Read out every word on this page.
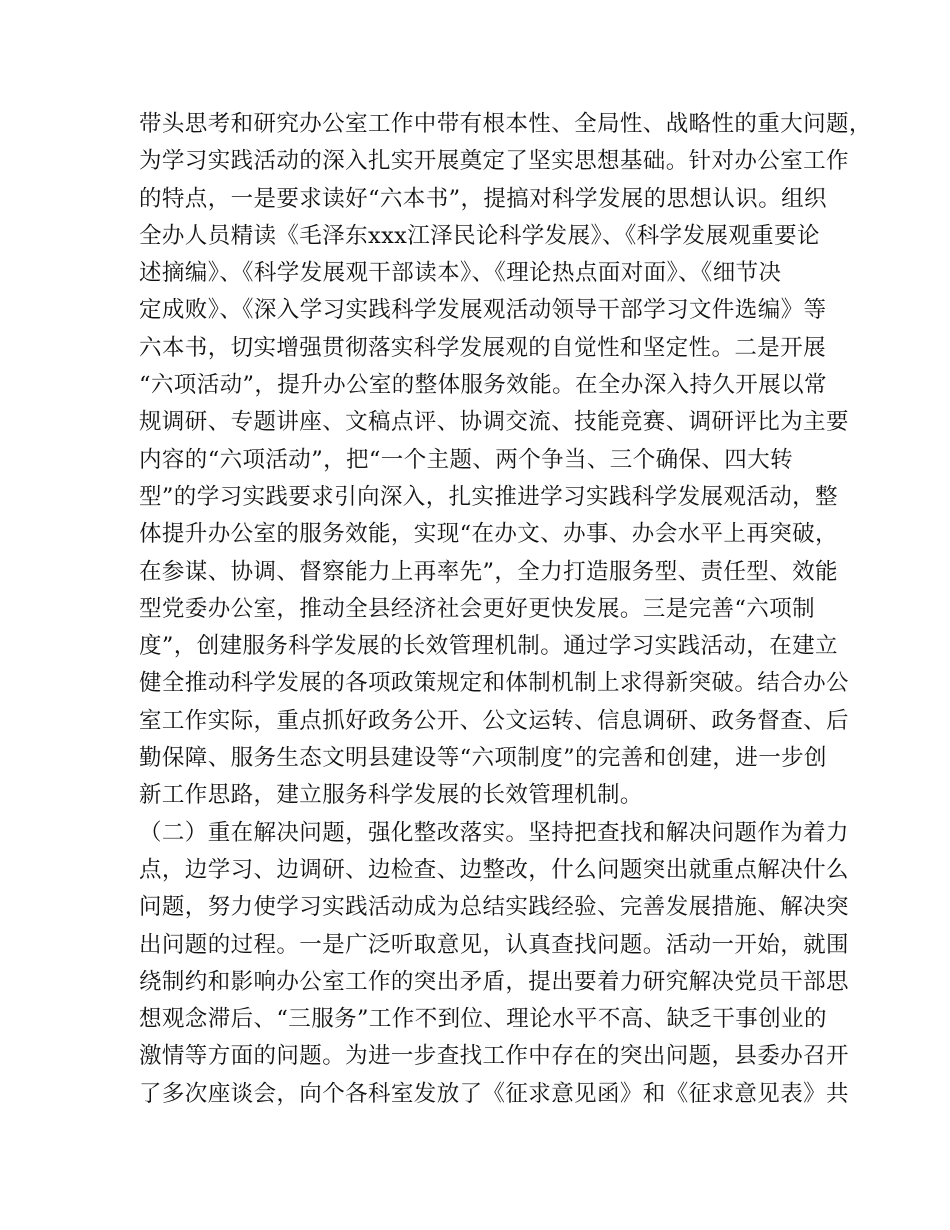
带头思考和研究办公室工作中带有根本性、全局性、战略性的重大问题，
为学习实践活动的深入扎实开展奠定了坚实思想基础。针对办公室工作
的特点，一是要求读好“六本书”，提搞对科学发展的思想认识。组织
全办人员精读《毛泽东xxx江泽民论科学发展》、《科学发展观重要论
述摘编》、《科学发展观干部读本》、《理论热点面对面》、《细节决
定成败》、《深入学习实践科学发展观活动领导干部学习文件选编》等
六本书，切实增强贯彻落实科学发展观的自觉性和坚定性。二是开展
“六项活动”，提升办公室的整体服务效能。在全办深入持久开展以常
规调研、专题讲座、文稿点评、协调交流、技能竞赛、调研评比为主要
内容的“六项活动”，把“一个主题、两个争当、三个确保、四大转
型”的学习实践要求引向深入，扎实推进学习实践科学发展观活动，整
体提升办公室的服务效能，实现“在办文、办事、办会水平上再突破，
在参谋、协调、督察能力上再率先”，全力打造服务型、责任型、效能
型党委办公室，推动全县经济社会更好更快发展。三是完善“六项制
度”，创建服务科学发展的长效管理机制。通过学习实践活动，在建立
健全推动科学发展的各项政策规定和体制机制上求得新突破。结合办公
室工作实际，重点抓好政务公开、公文运转、信息调研、政务督查、后
勤保障、服务生态文明县建设等“六项制度”的完善和创建，进一步创
新工作思路，建立服务科学发展的长效管理机制。
（二）重在解决问题，强化整改落实。坚持把查找和解决问题作为着力
点，边学习、边调研、边检查、边整改，什么问题突出就重点解决什么
问题，努力使学习实践活动成为总结实践经验、完善发展措施、解决突
出问题的过程。一是广泛听取意见，认真查找问题。活动一开始，就围
绕制约和影响办公室工作的突出矛盾，提出要着力研究解决党员干部思
想观念滞后、“三服务”工作不到位、理论水平不高、缺乏干事创业的
激情等方面的问题。为进一步查找工作中存在的突出问题，县委办召开
了多次座谈会，向个各科室发放了《征求意见函》和《征求意见表》共
